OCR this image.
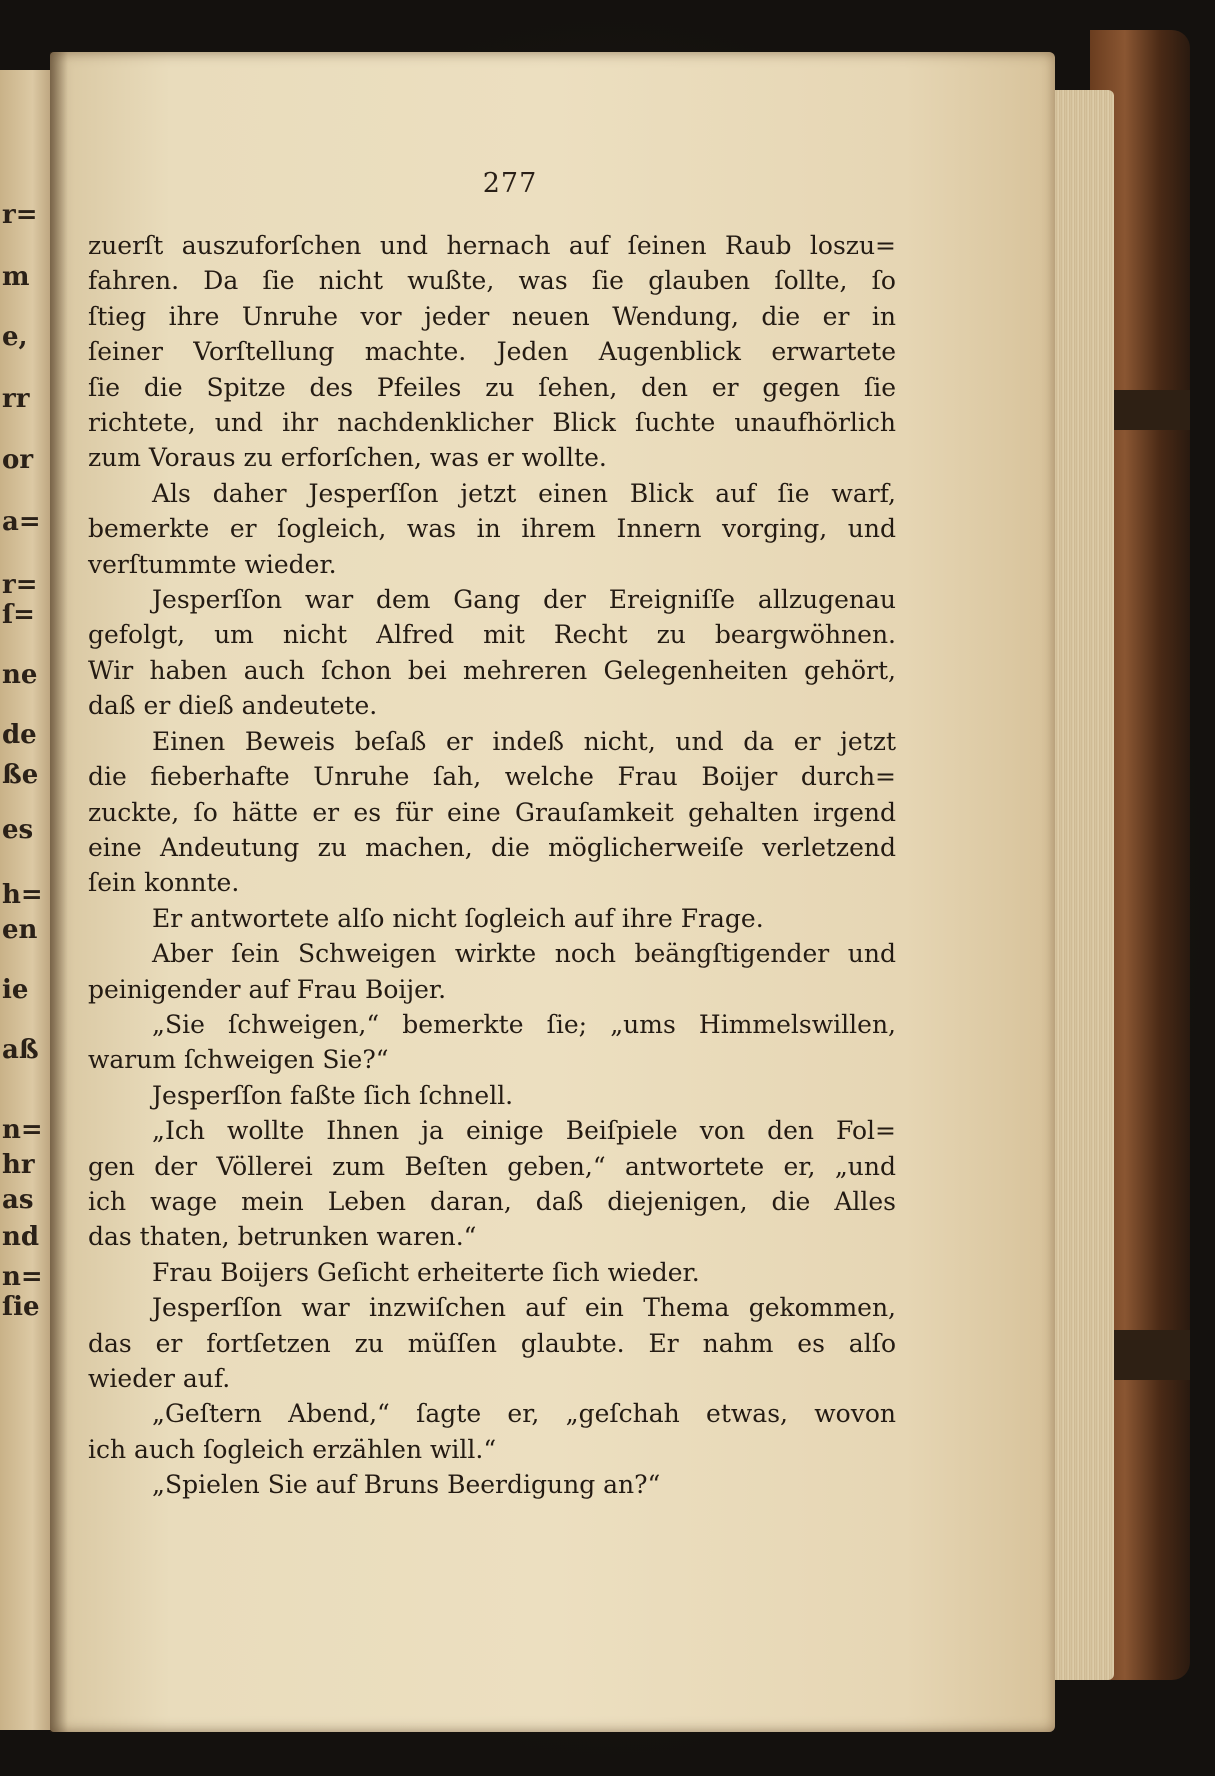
r=
m
e,
rr
or
a=
r=
ſ=
ne
de
ße
es
h=
en
ie
aß
n=
hr
as
nd
n=
ſie
277
zuerſt auszuforſchen und hernach auf ſeinen Raub loszu=
fahren. Da ſie nicht wußte, was ſie glauben ſollte, ſo
ſtieg ihre Unruhe vor jeder neuen Wendung, die er in
ſeiner Vorſtellung machte. Jeden Augenblick erwartete
ſie die Spitze des Pfeiles zu ſehen, den er gegen ſie
richtete, und ihr nachdenklicher Blick ſuchte unaufhörlich
zum Voraus zu erforſchen, was er wollte.
Als daher Jesperſſon jetzt einen Blick auf ſie warf,
bemerkte er ſogleich, was in ihrem Innern vorging, und
verſtummte wieder.
Jesperſſon war dem Gang der Ereigniſſe allzugenau
gefolgt, um nicht Alfred mit Recht zu beargwöhnen.
Wir haben auch ſchon bei mehreren Gelegenheiten gehört,
daß er dieß andeutete.
Einen Beweis beſaß er indeß nicht, und da er jetzt
die fieberhafte Unruhe ſah, welche Frau Boijer durch=
zuckte, ſo hätte er es für eine Grauſamkeit gehalten irgend
eine Andeutung zu machen, die möglicherweiſe verletzend
ſein konnte.
Er antwortete alſo nicht ſogleich auf ihre Frage.
Aber ſein Schweigen wirkte noch beängſtigender und
peinigender auf Frau Boijer.
„Sie ſchweigen,“ bemerkte ſie; „ums Himmelswillen,
warum ſchweigen Sie?“
Jesperſſon faßte ſich ſchnell.
„Ich wollte Ihnen ja einige Beiſpiele von den Fol=
gen der Völlerei zum Beſten geben,“ antwortete er, „und
ich wage mein Leben daran, daß diejenigen, die Alles
das thaten, betrunken waren.“
Frau Boijers Geſicht erheiterte ſich wieder.
Jesperſſon war inzwiſchen auf ein Thema gekommen,
das er fortſetzen zu müſſen glaubte. Er nahm es alſo
wieder auf.
„Geſtern Abend,“ ſagte er, „geſchah etwas, wovon
ich auch ſogleich erzählen will.“
„Spielen Sie auf Bruns Beerdigung an?“
